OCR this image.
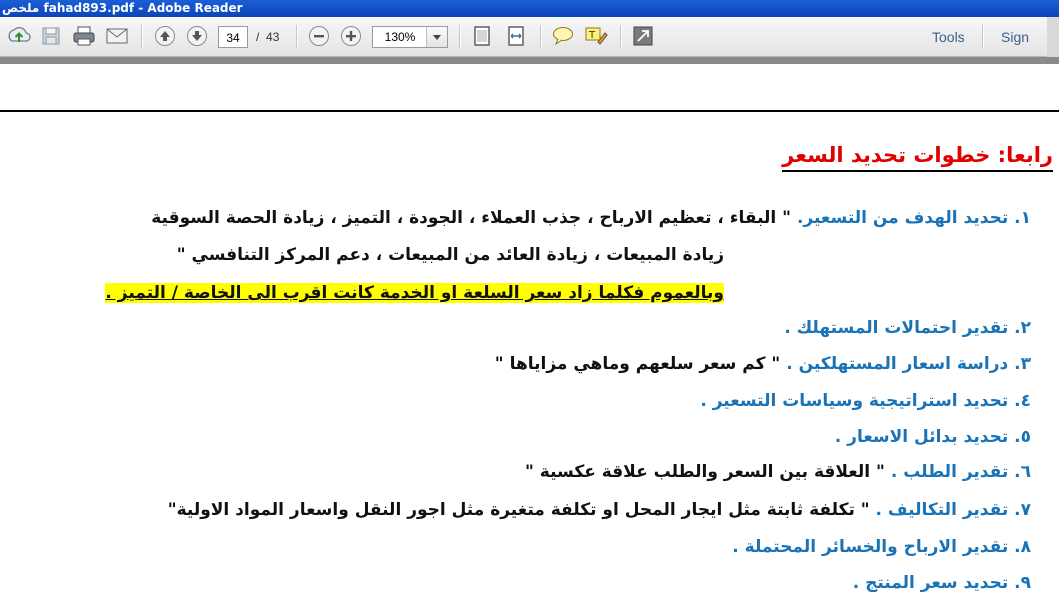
ملخص fahad893.pdf - Adobe Reader
34	/ 43	130%	T	Tools	Sign
رابعا: خطوات تحديد السعر
١. تحديد الهدف من التسعير. " البقاء ، تعظيم الارباح ، جذب العملاء ، الجودة ، التميز ، زيادة الحصة السوقية
زيادة المبيعات ، زيادة العائد من المبيعات ، دعم المركز التنافسي "
وبالعموم فكلما زاد سعر السلعة او الخدمة كانت اقرب الى الخاصة / التميز .
٢. تقدير احتمالات المستهلك .
٣. دراسة اسعار المستهلكين . " كم سعر سلعهم وماهي مزاياها "
٤. تحديد استراتيجية وسياسات التسعير .
٥. تحديد بدائل الاسعار .
٦. تقدير الطلب . " العلاقة بين السعر والطلب علاقة عكسية "
٧. تقدير التكاليف . " تكلفة ثابتة مثل ايجار المحل او تكلفة متغيرة مثل اجور النقل واسعار المواد الاولية"
٨. تقدير الارباح والخسائر المحتملة .
٩. تحديد سعر المنتج .
